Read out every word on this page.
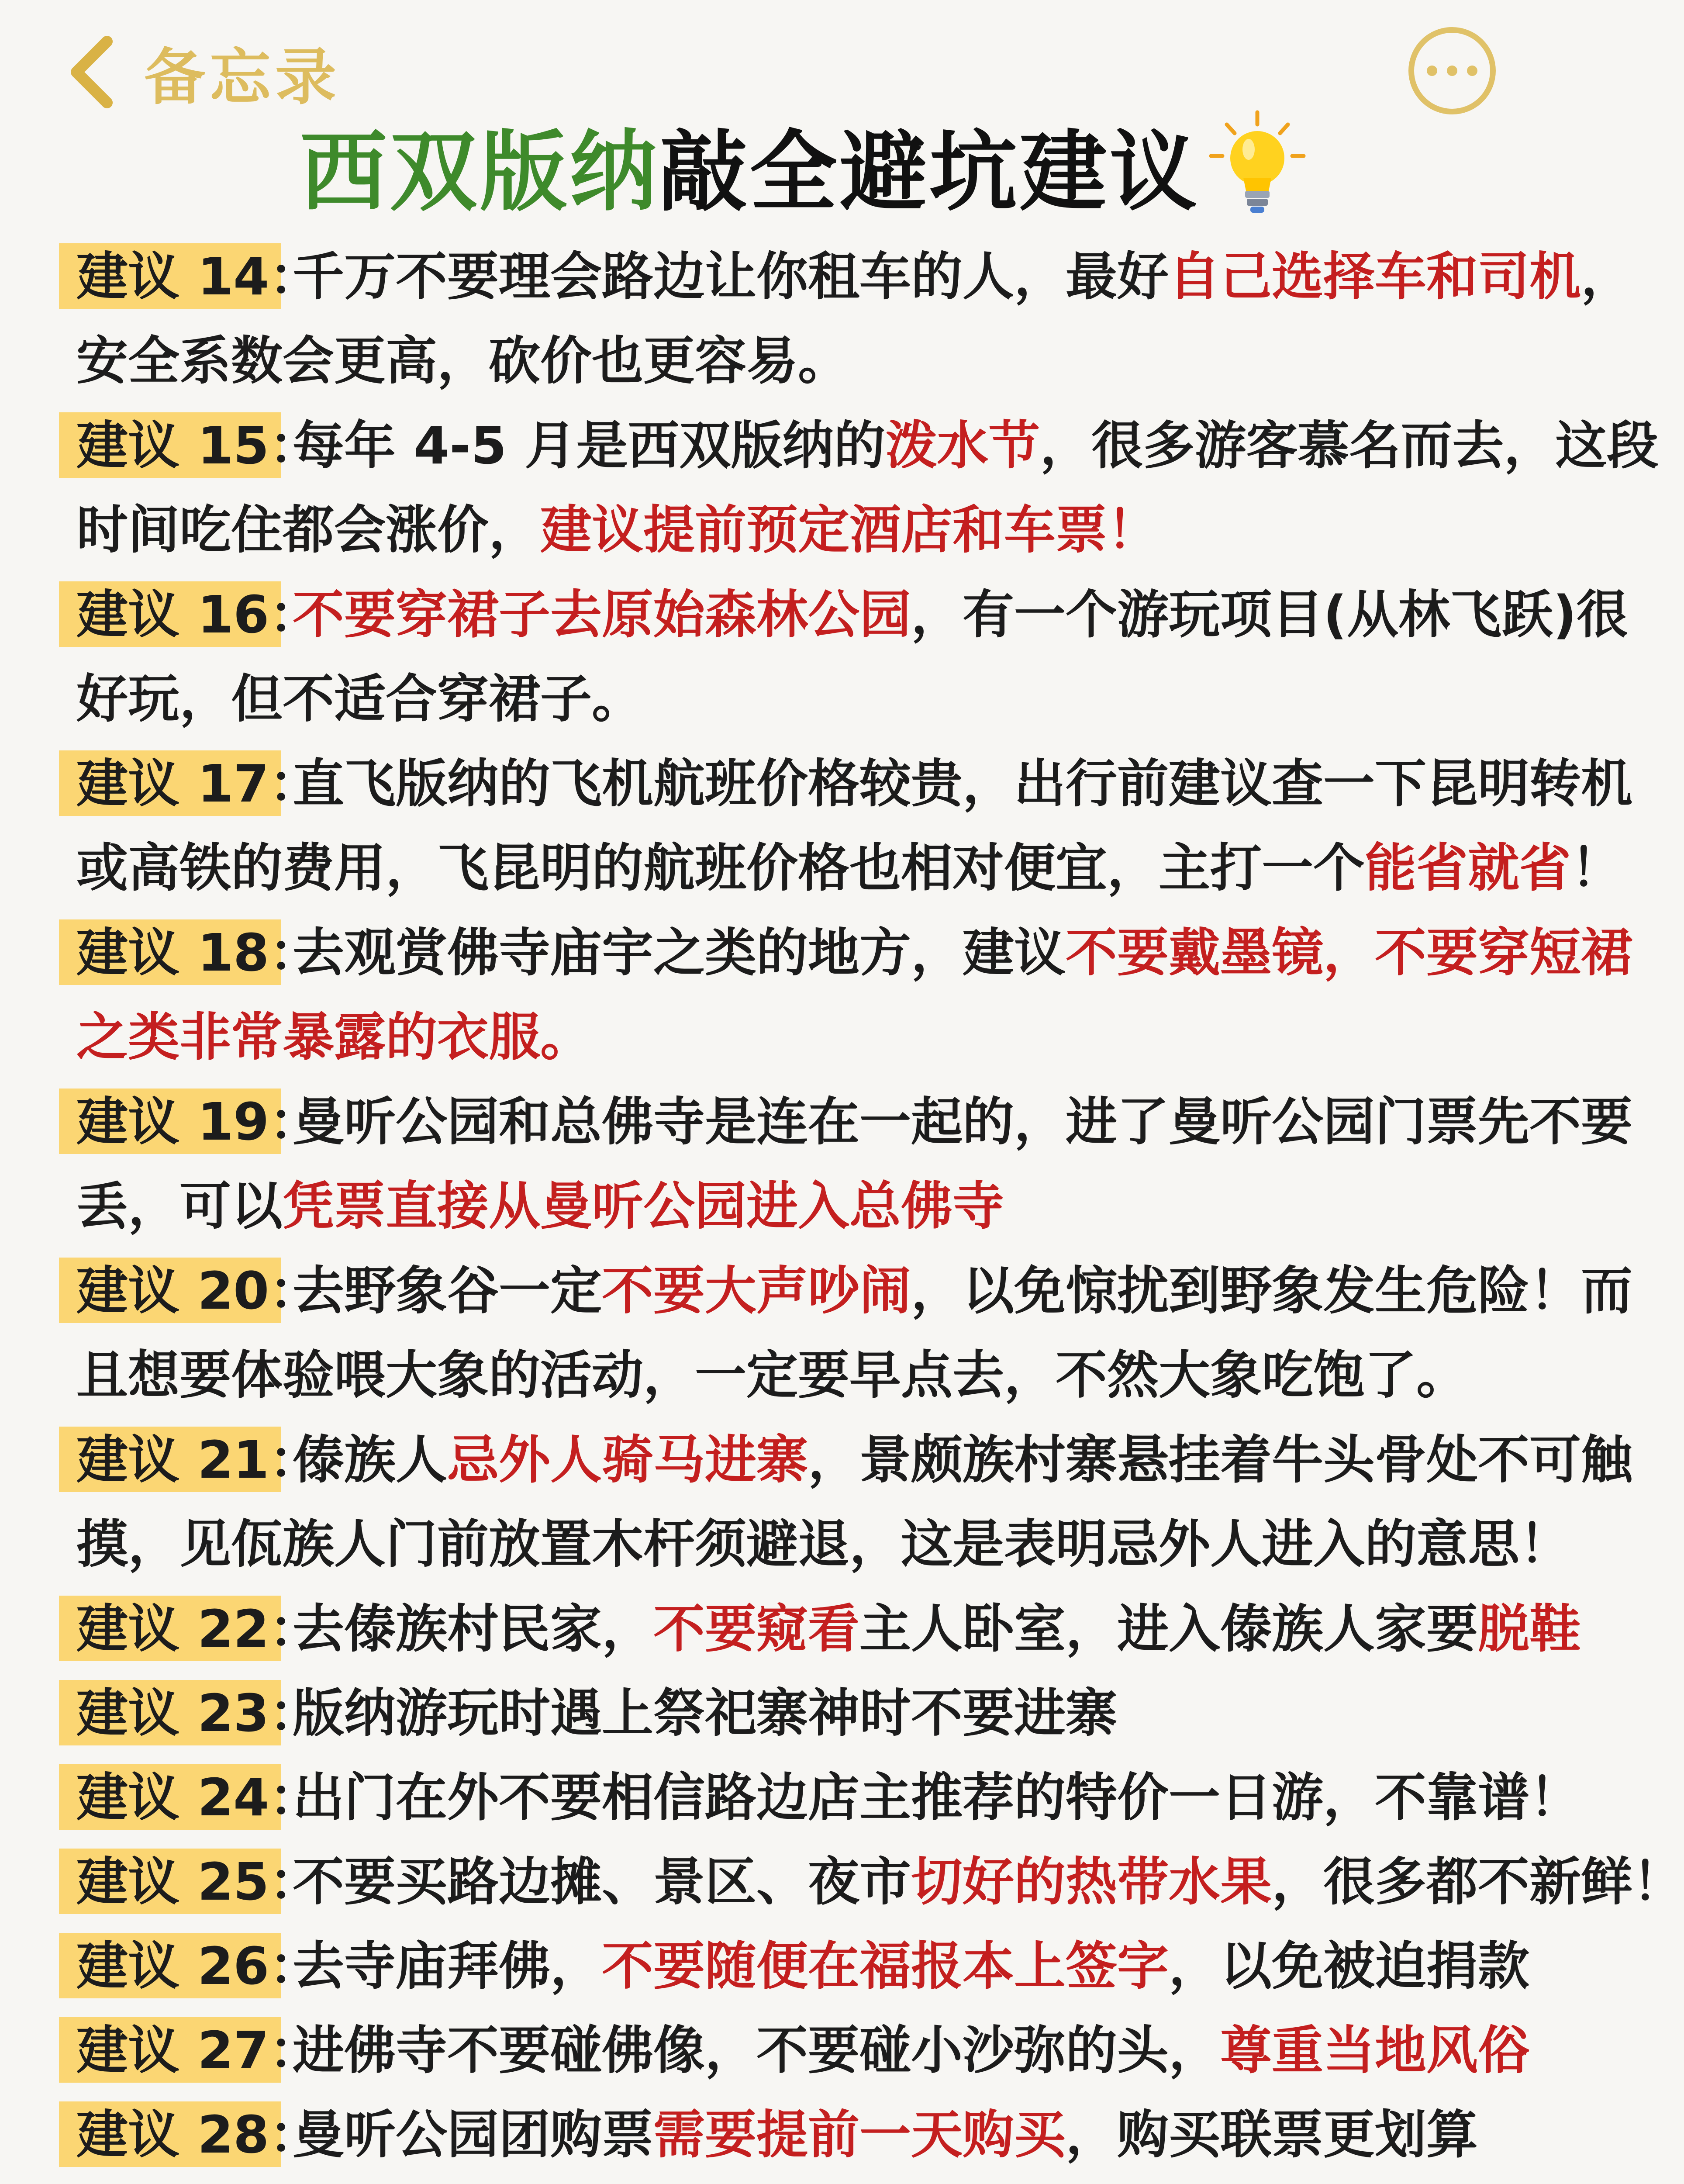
备忘录
西双版纳 敲全避坑建议
建议 14：
千万不要理会路边让你租车的人，最好自己选择车和司机，
安全系数会更高，砍价也更容易。
建议 15：
每年 4-5 月是西双版纳的泼水节，很多游客慕名而去，这段
时间吃住都会涨价，建议提前预定酒店和车票！
建议 16：
不要穿裙子去原始森林公园，有一个游玩项目(从林飞跃)很
好玩，但不适合穿裙子。
建议 17：
直飞版纳的飞机航班价格较贵，出行前建议查一下昆明转机
或高铁的费用，飞昆明的航班价格也相对便宜，主打一个能省就省！
建议 18：
去观赏佛寺庙宇之类的地方，建议不要戴墨镜，不要穿短裙
之类非常暴露的衣服。
建议 19：
曼听公园和总佛寺是连在一起的，进了曼听公园门票先不要
丢，可以凭票直接从曼听公园进入总佛寺
建议 20：
去野象谷一定不要大声吵闹，以免惊扰到野象发生危险！而
且想要体验喂大象的活动，一定要早点去，不然大象吃饱了。
建议 21：
傣族人忌外人骑马进寨，景颇族村寨悬挂着牛头骨处不可触
摸，见佤族人门前放置木杆须避退，这是表明忌外人进入的意思！
建议 22：
去傣族村民家，不要窥看主人卧室，进入傣族人家要脱鞋
建议 23：
版纳游玩时遇上祭祀寨神时不要进寨
建议 24：
出门在外不要相信路边店主推荐的特价一日游，不靠谱！
建议 25：
不要买路边摊、景区、夜市切好的热带水果，很多都不新鲜！
建议 26：
去寺庙拜佛，不要随便在福报本上签字，以免被迫捐款
建议 27：
进佛寺不要碰佛像，不要碰小沙弥的头，尊重当地风俗
建议 28：
曼听公园团购票需要提前一天购买，购买联票更划算
